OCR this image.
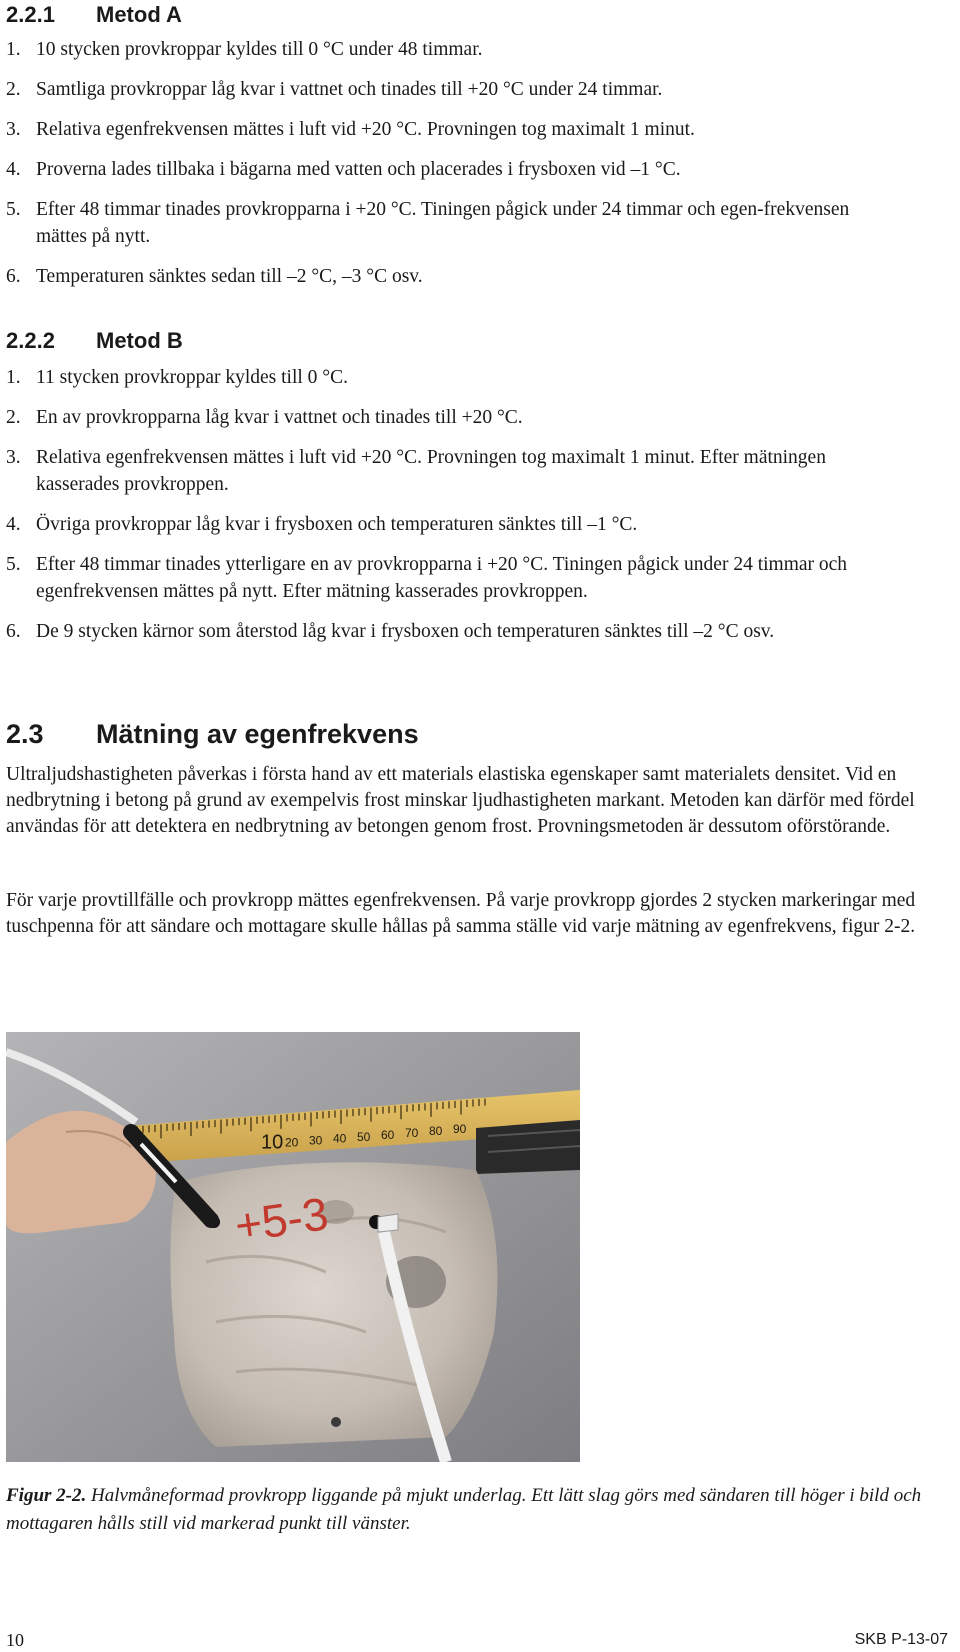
2.2.1 Metod A
1. 10 stycken provkroppar kyldes till 0 °C under 48 timmar.
2. Samtliga provkroppar låg kvar i vattnet och tinades till +20 °C under 24 timmar.
3. Relativa egenfrekvensen mättes i luft vid +20 °C. Provningen tog maximalt 1 minut.
4. Proverna lades tillbaka i bägarna med vatten och placerades i frysboxen vid –1 °C.
5. Efter 48 timmar tinades provkropparna i +20 °C. Tiningen pågick under 24 timmar och egen-frekvensen mättes på nytt.
6. Temperaturen sänktes sedan till –2 °C, –3 °C osv.
2.2.2 Metod B
1. 11 stycken provkroppar kyldes till 0 °C.
2. En av provkropparna låg kvar i vattnet och tinades till +20 °C.
3. Relativa egenfrekvensen mättes i luft vid +20 °C. Provningen tog maximalt 1 minut. Efter mätningen kasserades provkroppen.
4. Övriga provkroppar låg kvar i frysboxen och temperaturen sänktes till –1 °C.
5. Efter 48 timmar tinades ytterligare en av provkropparna i +20 °C. Tiningen pågick under 24 timmar och egenfrekvensen mättes på nytt. Efter mätning kasserades provkroppen.
6. De 9 stycken kärnor som återstod låg kvar i frysboxen och temperaturen sänktes till –2 °C osv.
2.3 Mätning av egenfrekvens

Ultraljudshastigheten påverkas i första hand av ett materials elastiska egenskaper samt materialets densitet. Vid en nedbrytning i betong på grund av exempelvis frost minskar ljudhastigheten markant. Metoden kan därför med fördel användas för att detektera en nedbrytning av betongen genom frost. Provningsmetoden är dessutom oförstörande.

För varje provtillfälle och provkropp mättes egenfrekvensen. På varje provkropp gjordes 2 stycken markeringar med tuschpenna för att sändare och mottagare skulle hållas på samma ställe vid varje mätning av egenfrekvens, figur 2-2.

10 20 30 40 50 60 70 80 90
+5-3

Figur 2-2. Halvmåneformad provkropp liggande på mjukt underlag. Ett lätt slag görs med sändaren till höger i bild och mottagaren hålls still vid markerad punkt till vänster.

10	SKB P-13-07
